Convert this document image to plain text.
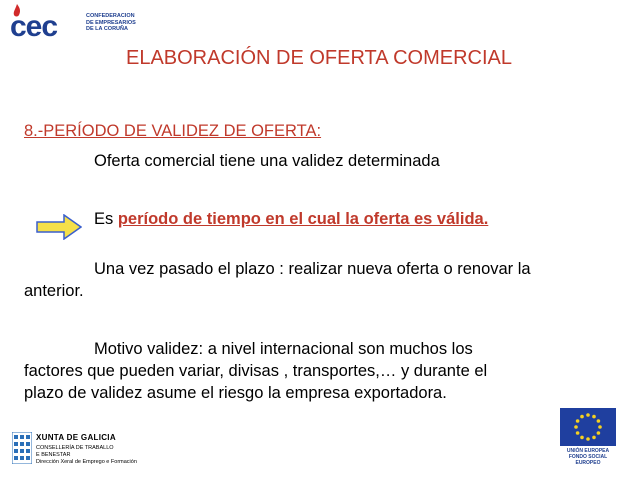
cec	CONFEDERACION
DE EMPRESARIOS
DE LA CORUÑA
ELABORACIÓN DE OFERTA COMERCIAL
8.-PERÍODO DE VALIDEZ DE OFERTA:
Oferta comercial tiene una validez determinada
Es período de tiempo en el cual la oferta es válida.
Una vez pasado el plazo : realizar nueva oferta o renovar la
anterior.
Motivo validez: a nivel internacional son muchos los
factores que pueden variar, divisas , transportes,… y durante el
plazo de validez asume el riesgo la empresa exportadora.
XUNTA DE GALICIA
CONSELLERÍA DE TRABALLO
E BENESTAR
Dirección Xeral de Emprego e Formación
UNIÓN EUROPEA
FONDO SOCIAL EUROPEO
